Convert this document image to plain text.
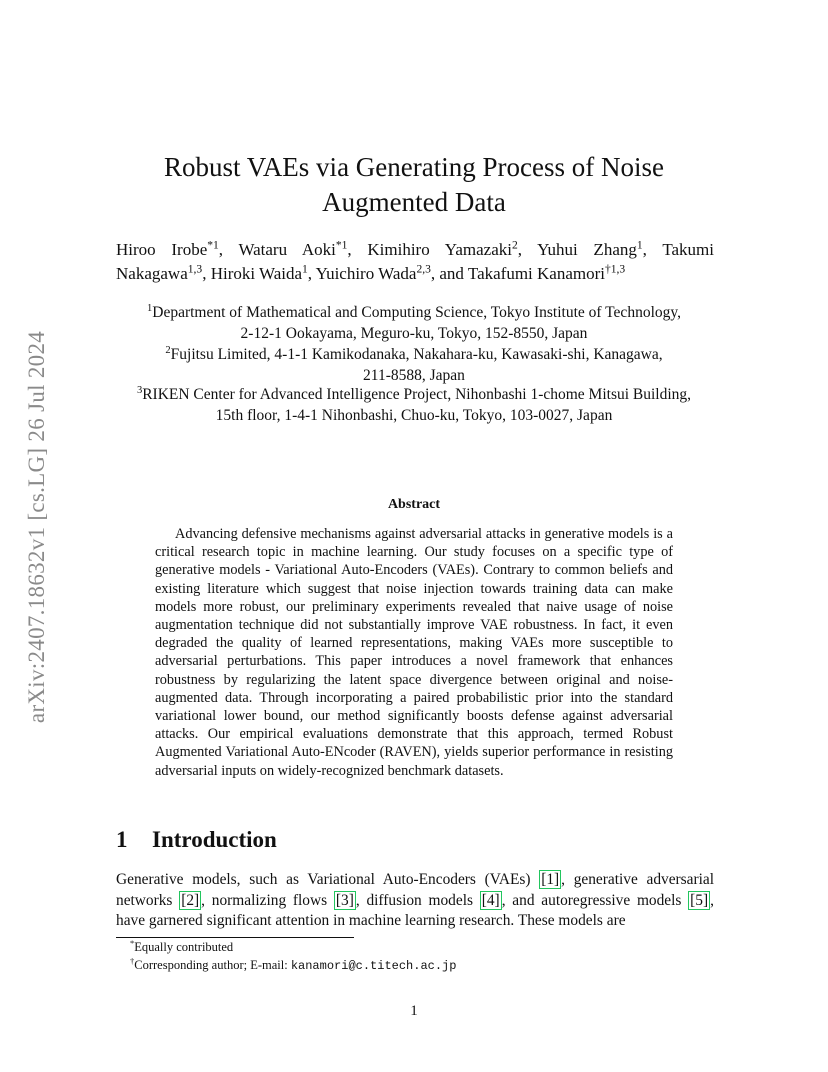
arXiv:2407.18632v1 [cs.LG] 26 Jul 2024
Robust VAEs via Generating Process of Noise Augmented Data
Hiroo Irobe$^{*1}$, Wataru Aoki$^{*1}$, Kimihiro Yamazaki$^2$, Yuhui Zhang$^1$, Takumi Nakagawa$^{1,3}$, Hiroki Waida$^1$, Yuichiro Wada$^{2,3}$, and Takafumi Kanamori$^{\dagger 1,3}$
$^1$Department of Mathematical and Computing Science, Tokyo Institute of Technology,
2-12-1 Ookayama, Meguro-ku, Tokyo, 152-8550, Japan
$^2$Fujitsu Limited, 4-1-1 Kamikodanaka, Nakahara-ku, Kawasaki-shi, Kanagawa,
211-8588, Japan
$^3$RIKEN Center for Advanced Intelligence Project, Nihonbashi 1-chome Mitsui Building,
15th floor, 1-4-1 Nihonbashi, Chuo-ku, Tokyo, 103-0027, Japan
Abstract
Advancing defensive mechanisms against adversarial attacks in generative models is a critical research topic in machine learning. Our study focuses on a specific type of generative models - Variational Auto-Encoders (VAEs). Contrary to common beliefs and existing literature which suggest that noise injection towards training data can make models more robust, our preliminary experiments revealed that naive usage of noise augmentation technique did not substantially improve VAE robustness. In fact, it even degraded the quality of learned representations, making VAEs more susceptible to adversarial perturbations. This paper introduces a novel framework that enhances robustness by regularizing the latent space divergence between original and noise-augmented data. Through incorporating a paired probabilistic prior into the standard variational lower bound, our method significantly boosts defense against adversarial attacks. Our empirical evaluations demonstrate that this approach, termed Robust Augmented Variational Auto-ENcoder (RAVEN), yields superior performance in resisting adversarial inputs on widely-recognized benchmark datasets.
1 Introduction
Generative models, such as Variational Auto-Encoders (VAEs) [1] , generative adversarial networks [2] , normalizing flows [3] , diffusion models [4] , and autoregressive models [5] , have garnered significant attention in machine learning research. These models are
*Equally contributed
†Corresponding author; E-mail: kanamori@c.titech.ac.jp
1
